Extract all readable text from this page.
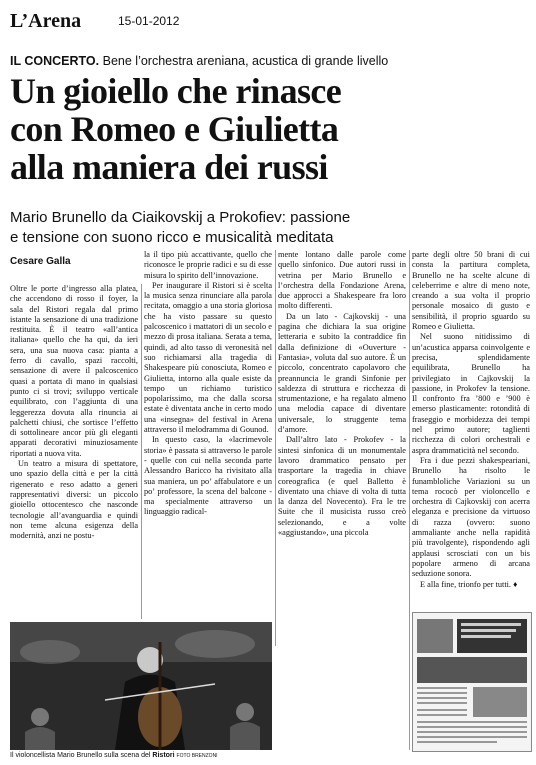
L’Arena	15-01-2012
IL CONCERTO. Bene l’orchestra areniana, acustica di grande livello
Un gioiello che rinasce
con Romeo e Giulietta
alla maniera dei russi
Mario Brunello da Ciaikovskij a Prokofiev: passione
e tensione con suono ricco e musicalità meditata
Cesare Galla

Oltre le porte d’ingresso alla platea, che accendono di rosso il foyer, la sala del Ristori regala dal primo istante la sensazione di una tradizione restituita. È il teatro «all’antica italiana» quello che ha qui, da ieri sera, una sua nuova casa: pianta a ferro di cavallo, spazi raccolti, sensazione di avere il palcoscenico quasi a portata di mano in qualsiasi punto ci si trovi; sviluppo verticale equilibrato, con l’aggiunta di una leggerezza dovuta alla rinuncia ai palchetti chiusi, che sortisce l’effetto di sottolineare ancor più gli eleganti apparati decorativi minuziosamente riportati a nuova vita.

Un teatro a misura di spettatore, uno spazio della città e per la città rigenerato e reso adatto a generi rappresentativi diversi: un piccolo gioiello ottocentesco che nasconde tecnologie all’avanguardia e quindi non teme alcuna esigenza della modernità, anzi ne postu-

la il tipo più accattivante, quello che riconosce le proprie radici e su di esse misura lo spirito dell’innovazione.

Per inaugurare il Ristori si è scelta la musica senza rinunciare alla parola recitata, omaggio a una storia gloriosa che ha visto passare su questo palcoscenico i mattatori di un secolo e mezzo di prosa italiana. Serata a tema, quindi, ad alto tasso di veronesità nel suo richiamarsi alla tragedia di Shakespeare più conosciuta, Romeo e Giulietta, intorno alla quale esiste da tempo un richiamo turistico popolarissimo, ma che dalla scorsa estate è diventata anche in certo modo una «insegna» del festival in Arena attraverso il melodramma di Gounod.

In questo caso, la «lacrimevole storia» è passata si attraverso le parole - quelle con cui nella seconda parte Alessandro Baricco ha rivisitato alla sua maniera, un po’ affabulatore e un po’ professore, la scena del balcone - ma specialmente attraverso un linguaggio radical-

mente lontano dalle parole come quello sinfonico. Due autori russi in vetrina per Mario Brunello e l’orchestra della Fondazione Arena, due approcci a Shakespeare fra loro molto differenti.

Da un lato - Cajkovskij - una pagina che dichiara la sua origine letteraria e subito la contraddice fin dalla definizione di «Ouverture - Fantasia», voluta dal suo autore. È un piccolo, concentrato capolavoro che preannuncia le grandi Sinfonie per saldezza di struttura e ricchezza di strumentazione, e ha regalato almeno una melodia capace di diventare universale, lo struggente tema d’amore.

Dall’altro lato - Prokofev - la sintesi sinfonica di un monumentale lavoro drammatico pensato per trasportare la tragedia in chiave coreografica (e quel Balletto è diventato una chiave di volta di tutta la danza del Novecento). Fra le tre Suite che il musicista russo creò selezionando, e a volte «aggiustando», una piccola

parte degli oltre 50 brani di cui consta la partitura completa, Brunello ne ha scelte alcune di celeberrime e altre di meno note, creando a sua volta il proprio personale mosaico di gusto e sensibilità, il proprio sguardo su Romeo e Giulietta.

Nel suono nitidissimo di un’acustica apparsa coinvolgente e precisa, splendidamente equilibrata, Brunello ha privilegiato in Cajkovskij la passione, in Prokofev la tensione. Il confronto fra ’800 e ’900 è emerso plasticamente: rotondità di fraseggio e morbidezza dei tempi nel primo autore; taglienti ricchezza di colori orchestrali e aspra drammaticità nel secondo.

Fra i due pezzi shakespeariani, Brunello ha risolto le funambloliche Variazioni su un tema rococò per violoncello e orchestra di Cajkovskij con acerra eleganza e precisione da virtuoso di razza (ovvero: suono ammaliante anche nella rapidità più travolgente), rispondendo agli applausi scrosciati con un bis popolare armeno di arcana seduzione sonora.

E alla fine, trionfo per tutti. ♦

Il violoncellista Mario Brunello sulla scena del Ristori FOTO BRENZONI
